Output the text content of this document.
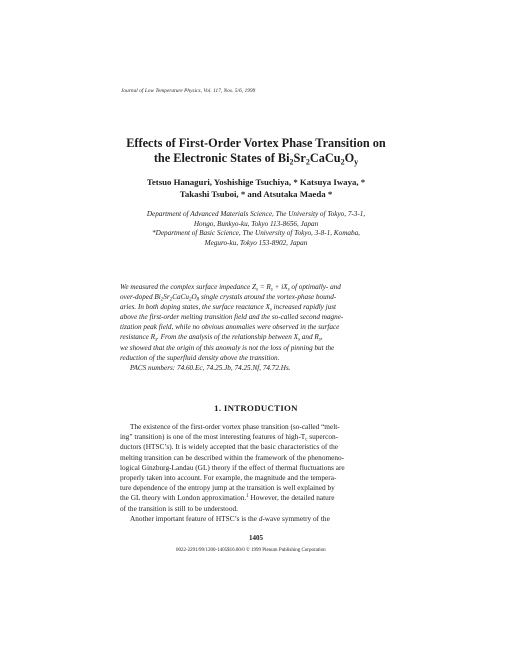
Journal of Low Temperature Physics, Vol. 117, Nos. 5/6, 1999
Effects of First-Order Vortex Phase Transition on
the Electronic States of $Bi_2Sr_2CaCu_2O_y$
Tetsuo Hanaguri, Yoshishige Tsuchiya, * Katsuya Iwaya, *
Takashi Tsuboi, * and Atsutaka Maeda *
Department of Advanced Materials Science, The University of Tokyo, 7-3-1,
Hongo, Bunkyo-ku, Tokyo 113-8656, Japan
*Department of Basic Science, The University of Tokyo, 3-8-1, Komaba,
Meguro-ku, Tokyo 153-8902, Japan
We measured the complex surface impedance $Z_s = R_s + iX_s$ of optimally- and
over-doped $Bi_2Sr_2CaCu_2O_8$ single crystals around the vortex-phase bound-
aries. In both doping states, the surface reactance $X_s$ increased rapidly just
above the first-order melting transition field and the so-called second magne-
tization peak field, while no obvious anomalies were observed in the surface
resistance $R_s$. From the analysis of the relationship between $X_s$ and $R_s$,
we showed that the origin of this anomaly is not the loss of pinning but the
reduction of the superfluid density above the transition.
PACS numbers: 74.60.Ec, 74.25.Jb, 74.25.Nf, 74.72.Hs.
1. INTRODUCTION
The existence of the first-order vortex phase transition (so-called “melt-
ing” transition) is one of the most interesting features of high-$T_c$ supercon-
ductors (HTSC’s). It is widely accepted that the basic characteristics of the
melting transition can be described within the framework of the phenomeno-
logical Ginzburg-Landau (GL) theory if the effect of thermal fluctuations are
properly taken into account. For example, the magnitude and the tempera-
ture dependence of the entropy jump at the transition is well explained by
the GL theory with London approximation.$^1$ However, the detailed nature
of the transition is still to be understood.
Another important feature of HTSC’s is the d-wave symmetry of the
1405
0022-2291/99/1200-1405$16.00/0 © 1999 Plenum Publishing Corporation
